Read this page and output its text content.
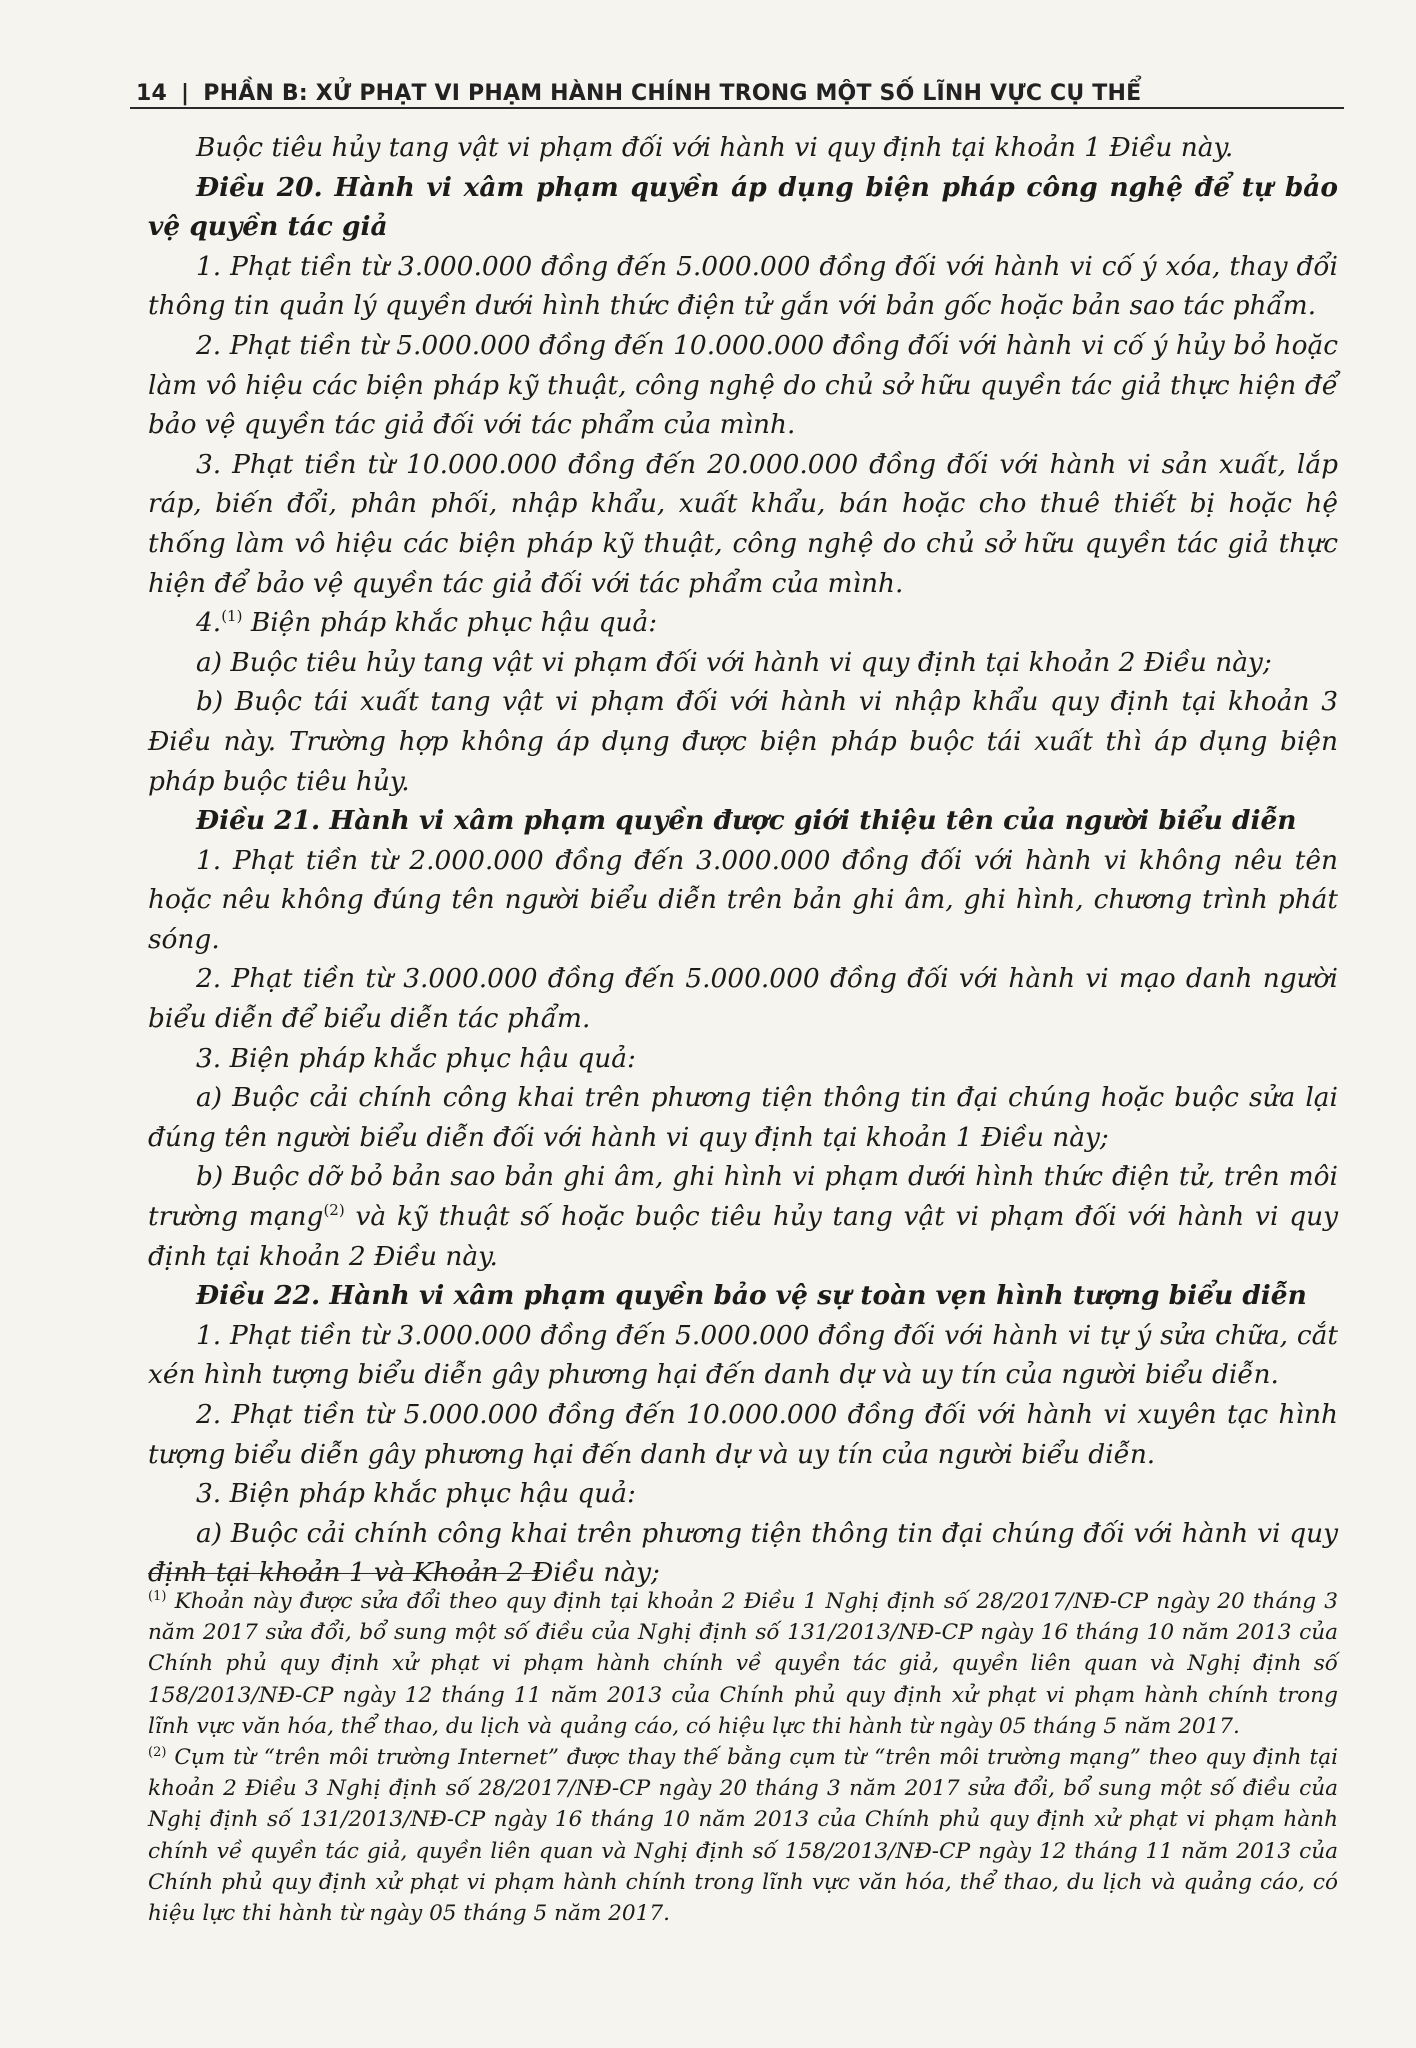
14 | PHẦN B: XỬ PHẠT VI PHẠM HÀNH CHÍNH TRONG MỘT SỐ LĨNH VỰC CỤ THỂ

Buộc tiêu hủy tang vật vi phạm đối với hành vi quy định tại khoản 1 Điều này.

Điều 20. Hành vi xâm phạm quyền áp dụng biện pháp công nghệ để tự bảo vệ quyền tác giả

1. Phạt tiền từ 3.000.000 đồng đến 5.000.000 đồng đối với hành vi cố ý xóa, thay đổi thông tin quản lý quyền dưới hình thức điện tử gắn với bản gốc hoặc bản sao tác phẩm.

2. Phạt tiền từ 5.000.000 đồng đến 10.000.000 đồng đối với hành vi cố ý hủy bỏ hoặc làm vô hiệu các biện pháp kỹ thuật, công nghệ do chủ sở hữu quyền tác giả thực hiện để bảo vệ quyền tác giả đối với tác phẩm của mình.

3. Phạt tiền từ 10.000.000 đồng đến 20.000.000 đồng đối với hành vi sản xuất, lắp ráp, biến đổi, phân phối, nhập khẩu, xuất khẩu, bán hoặc cho thuê thiết bị hoặc hệ thống làm vô hiệu các biện pháp kỹ thuật, công nghệ do chủ sở hữu quyền tác giả thực hiện để bảo vệ quyền tác giả đối với tác phẩm của mình.

4.$^{(1)}$ Biện pháp khắc phục hậu quả:

a) Buộc tiêu hủy tang vật vi phạm đối với hành vi quy định tại khoản 2 Điều này;

b) Buộc tái xuất tang vật vi phạm đối với hành vi nhập khẩu quy định tại khoản 3 Điều này. Trường hợp không áp dụng được biện pháp buộc tái xuất thì áp dụng biện pháp buộc tiêu hủy.

Điều 21. Hành vi xâm phạm quyền được giới thiệu tên của người biểu diễn

1. Phạt tiền từ 2.000.000 đồng đến 3.000.000 đồng đối với hành vi không nêu tên hoặc nêu không đúng tên người biểu diễn trên bản ghi âm, ghi hình, chương trình phát sóng.

2. Phạt tiền từ 3.000.000 đồng đến 5.000.000 đồng đối với hành vi mạo danh người biểu diễn để biểu diễn tác phẩm.

3. Biện pháp khắc phục hậu quả:

a) Buộc cải chính công khai trên phương tiện thông tin đại chúng hoặc buộc sửa lại đúng tên người biểu diễn đối với hành vi quy định tại khoản 1 Điều này;

b) Buộc dỡ bỏ bản sao bản ghi âm, ghi hình vi phạm dưới hình thức điện tử, trên môi trường mạng$^{(2)}$ và kỹ thuật số hoặc buộc tiêu hủy tang vật vi phạm đối với hành vi quy định tại khoản 2 Điều này.

Điều 22. Hành vi xâm phạm quyền bảo vệ sự toàn vẹn hình tượng biểu diễn

1. Phạt tiền từ 3.000.000 đồng đến 5.000.000 đồng đối với hành vi tự ý sửa chữa, cắt xén hình tượng biểu diễn gây phương hại đến danh dự và uy tín của người biểu diễn.

2. Phạt tiền từ 5.000.000 đồng đến 10.000.000 đồng đối với hành vi xuyên tạc hình tượng biểu diễn gây phương hại đến danh dự và uy tín của người biểu diễn.

3. Biện pháp khắc phục hậu quả:

a) Buộc cải chính công khai trên phương tiện thông tin đại chúng đối với hành vi quy định tại khoản 1 và Khoản 2 Điều này;

$^{(1)}$ Khoản này được sửa đổi theo quy định tại khoản 2 Điều 1 Nghị định số 28/2017/NĐ-CP ngày 20 tháng 3 năm 2017 sửa đổi, bổ sung một số điều của Nghị định số 131/2013/NĐ-CP ngày 16 tháng 10 năm 2013 của Chính phủ quy định xử phạt vi phạm hành chính về quyền tác giả, quyền liên quan và Nghị định số 158/2013/NĐ-CP ngày 12 tháng 11 năm 2013 của Chính phủ quy định xử phạt vi phạm hành chính trong lĩnh vực văn hóa, thể thao, du lịch và quảng cáo, có hiệu lực thi hành từ ngày 05 tháng 5 năm 2017.

$^{(2)}$ Cụm từ “trên môi trường Internet” được thay thế bằng cụm từ “trên môi trường mạng” theo quy định tại khoản 2 Điều 3 Nghị định số 28/2017/NĐ-CP ngày 20 tháng 3 năm 2017 sửa đổi, bổ sung một số điều của Nghị định số 131/2013/NĐ-CP ngày 16 tháng 10 năm 2013 của Chính phủ quy định xử phạt vi phạm hành chính về quyền tác giả, quyền liên quan và Nghị định số 158/2013/NĐ-CP ngày 12 tháng 11 năm 2013 của Chính phủ quy định xử phạt vi phạm hành chính trong lĩnh vực văn hóa, thể thao, du lịch và quảng cáo, có hiệu lực thi hành từ ngày 05 tháng 5 năm 2017.
